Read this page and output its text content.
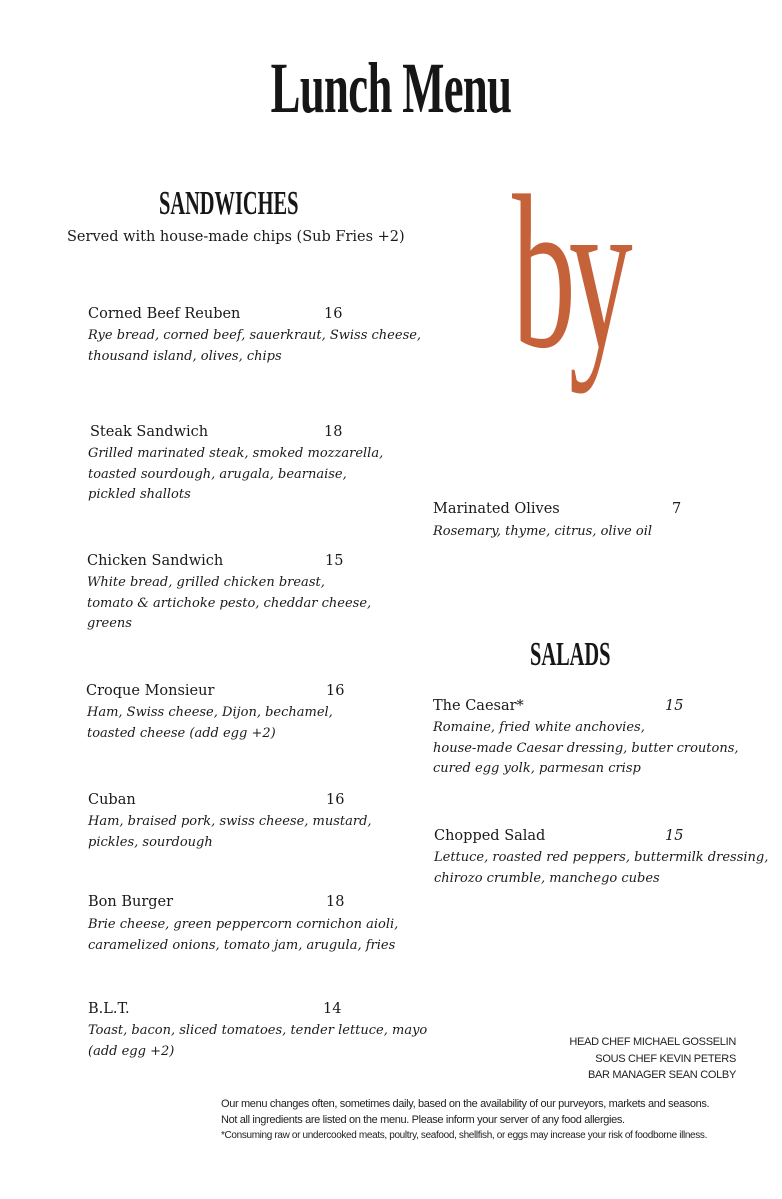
Lunch Menu
SANDWICHES
Served with house-made chips (Sub Fries +2)
Corned Beef Reuben	16
Rye bread, corned beef, sauerkraut, Swiss cheese,
thousand island, olives, chips
Steak Sandwich	18
Grilled marinated steak, smoked mozzarella,
toasted sourdough, arugala, bearnaise,
pickled shallots
Chicken Sandwich	15
White bread, grilled chicken breast,
tomato & artichoke pesto, cheddar cheese,
greens
Croque Monsieur	16
Ham, Swiss cheese, Dijon, bechamel,
toasted cheese (add egg +2)
Cuban	16
Ham, braised pork, swiss cheese, mustard,
pickles, sourdough
Bon Burger	18
Brie cheese, green peppercorn cornichon aioli,
caramelized onions, tomato jam, arugula, fries
B.L.T.	14
Toast, bacon, sliced tomatoes, tender lettuce, mayo
(add egg +2)
by
Marinated Olives	7
Rosemary, thyme, citrus, olive oil
SALADS
The Caesar*	15
Romaine, fried white anchovies,
house-made Caesar dressing, butter croutons,
cured egg yolk, parmesan crisp
Chopped Salad	15
Lettuce, roasted red peppers, buttermilk dressing,
chirozo crumble, manchego cubes
HEAD CHEF MICHAEL GOSSELIN
SOUS CHEF KEVIN PETERS
BAR MANAGER SEAN COLBY
Our menu changes often, sometimes daily, based on the availability of our purveyors, markets and seasons.
Not all ingredients are listed on the menu. Please inform your server of any food allergies.
*Consuming raw or undercooked meats, poultry, seafood, shellfish, or eggs may increase your risk of foodborne illness.
